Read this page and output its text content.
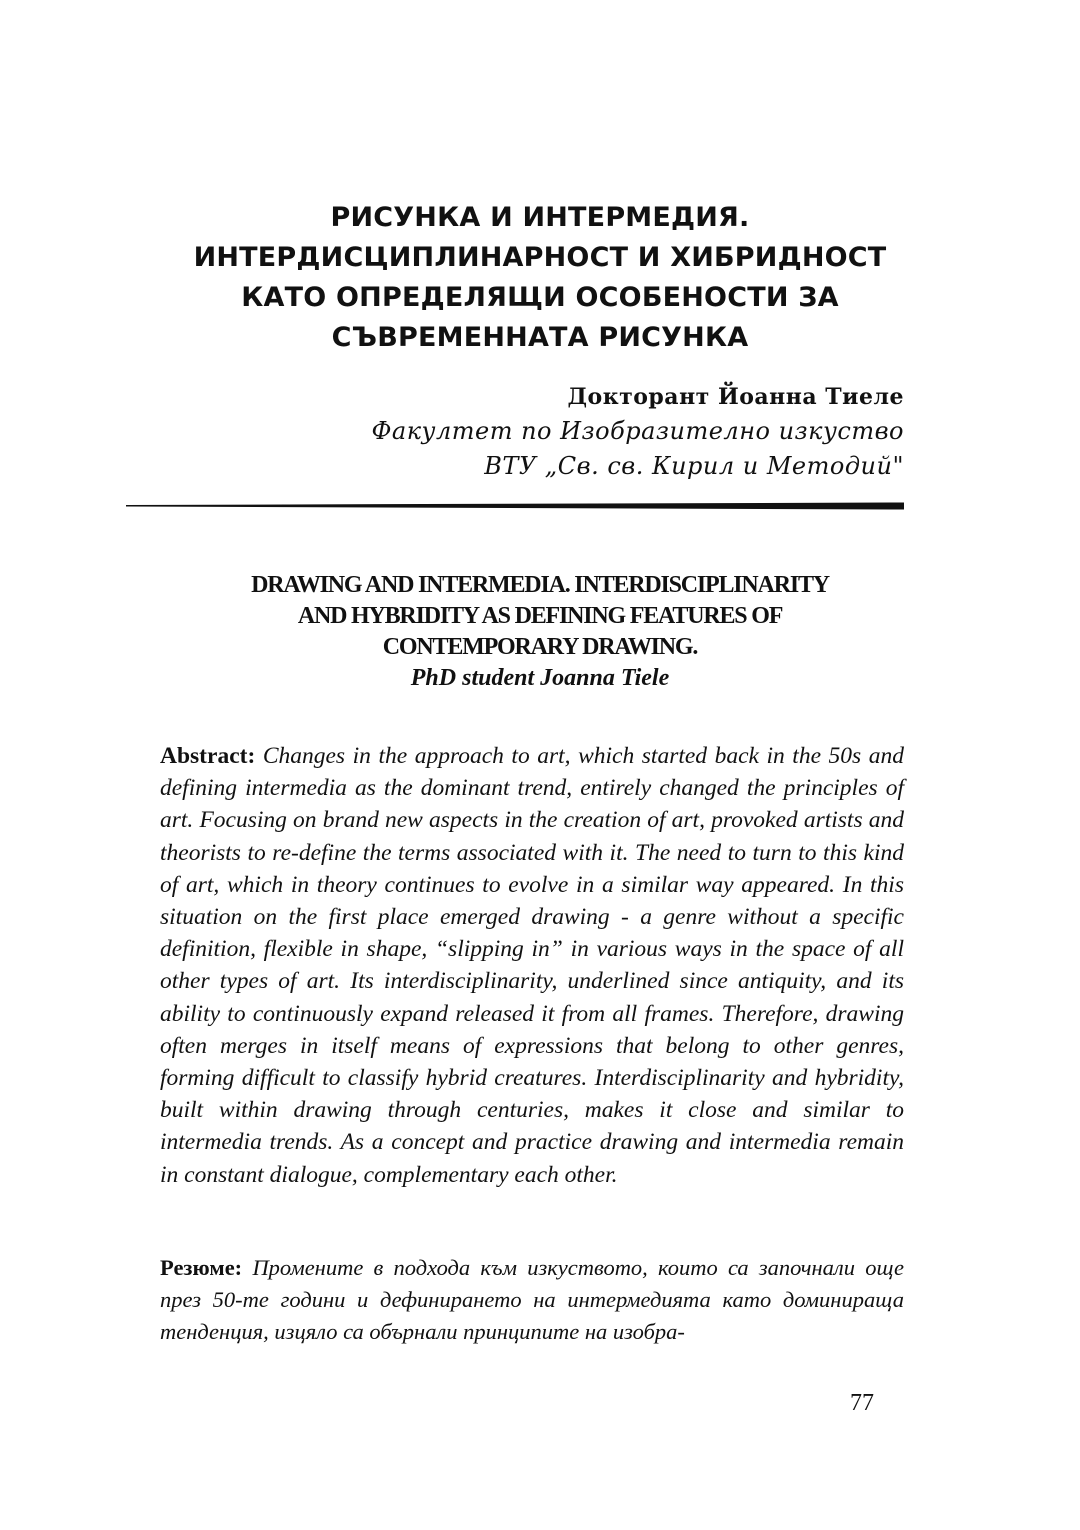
РИСУНКА И ИНТЕРМЕДИЯ.
ИНТЕРДИСЦИПЛИНАРНОСТ И ХИБРИДНОСТ
КАТО ОПРЕДЕЛЯЩИ ОСОБЕНОСТИ ЗА
СЪВРЕМЕННАТА РИСУНКА
Докторант Йоанна Тиеле
Факултет по Изобразително изкуство
ВТУ „Св. св. Кирил и Методий"
DRAWING AND INTERMEDIA. INTERDISCIPLINARITY
AND HYBRIDITY AS DEFINING FEATURES OF
CONTEMPORARY DRAWING.
PhD student Joanna Tiele

Abstract: Changes in the approach to art, which started back in the 50s and defining intermedia as the dominant trend, entirely changed the principles of art. Focusing on brand new aspects in the creation of art, provoked artists and theorists to re-define the terms associated with it. The need to turn to this kind of art, which in theory continues to evolve in a similar way appeared. In this situation on the first place emerged drawing - a genre without a specific definition, flexible in shape, “slipping in” in various ways in the space of all other types of art. Its interdisciplinarity, underlined since antiquity, and its ability to continuously expand released it from all frames. Therefore, drawing often merges in itself means of expressions that belong to other genres, forming difficult to classify hybrid creatures. Interdisciplinarity and hybridity, built within drawing through centuries, makes it close and similar to intermedia trends. As a concept and practice drawing and intermedia remain in constant dialogue, complementary each other.

Резюме: Промените в подхода към изкуството, които са започнали още през 50-те години и дефинирането на интермедията като доминираща тенденция, изцяло са обърнали принципите на изобра-

77
